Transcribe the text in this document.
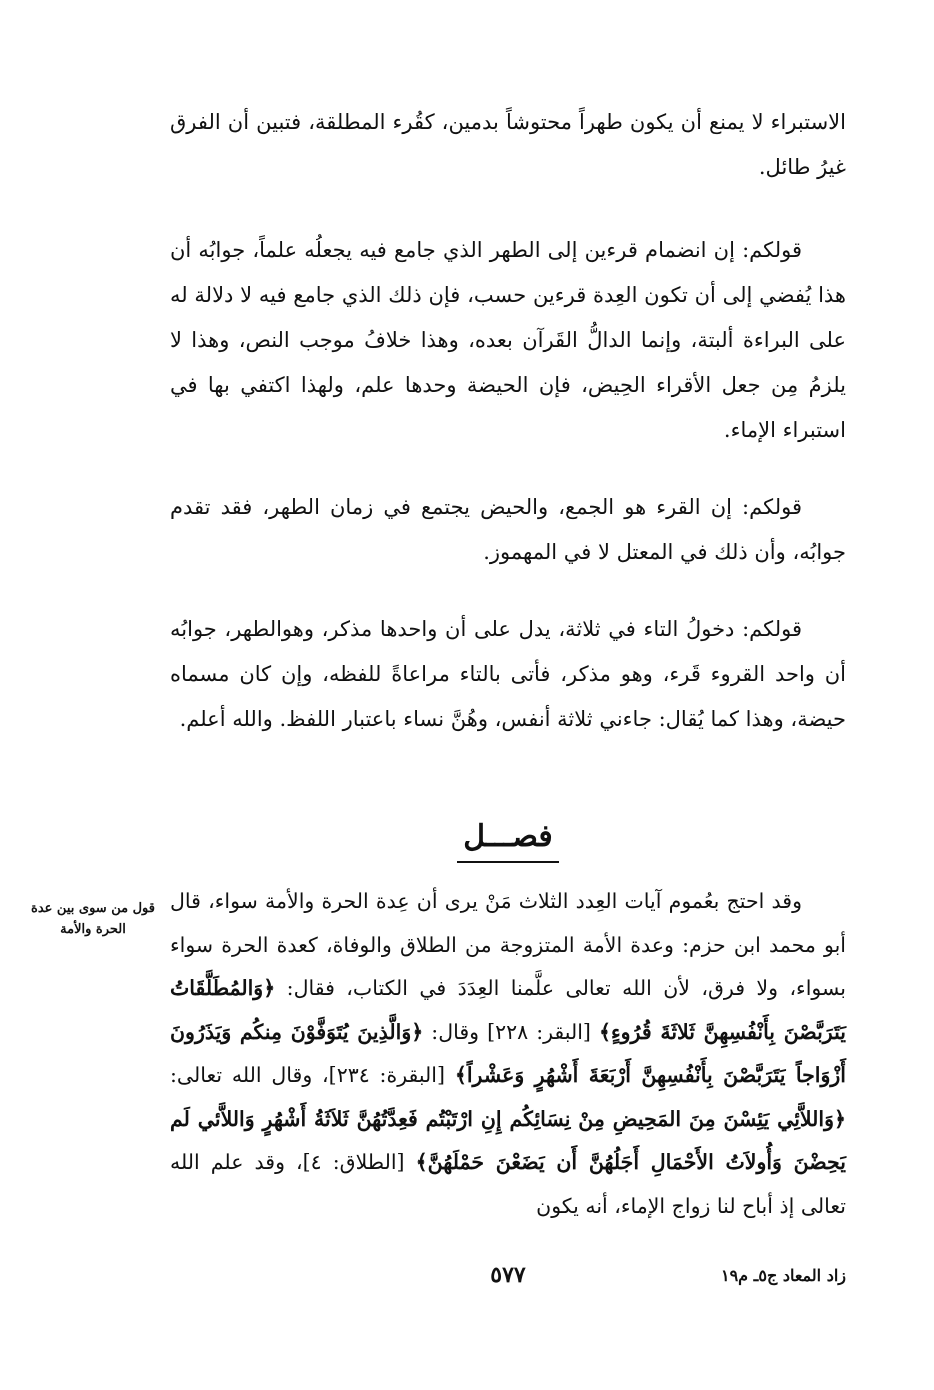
الاستبراء لا يمنع أن يكون طهراً محتوشاً بدمين، كقُرء المطلقة، فتبين أن الفرق غيرُ طائل.

قولكم: إن انضمام قرءين إلى الطهر الذي جامع فيه يجعلُه علماً، جوابُه أن هذا يُفضي إلى أن تكون العِدة قرءين حسب، فإن ذلك الذي جامع فيه لا دلالة له على البراءة ألبتة، وإنما الدالُّ القَرآن بعده، وهذا خلافُ موجب النص، وهذا لا يلزمُ مِن جعل الأقراء الحِيض، فإن الحيضة وحدها علم، ولهذا اكتفي بها في استبراء الإماء.

قولكم: إن القرء هو الجمع، والحيض يجتمع في زمان الطهر، فقد تقدم جوابُه، وأن ذلك في المعتل لا في المهموز.

قولكم: دخولُ التاء في ثلاثة، يدل على أن واحدها مذكر، وهوالطهر، جوابُه أن واحد القروء قَرء، وهو مذكر، فأتى بالتاء مراعاةً للفظه، وإن كان مسماه حيضة، وهذا كما يُقال: جاءني ثلاثة أنفس، وهُنَّ نساء باعتبار اللفظ. والله أعلم.

فصـــل

وقد احتج بعُموم آيات العِدد الثلاث مَنْ يرى أن عِدة الحرة والأمة سواء، قال أبو محمد ابن حزم: وعدة الأمة المتزوجة من الطلاق والوفاة، كعدة الحرة سواء بسواء، ولا فرق، لأن الله تعالى علَّمنا العِدَدَ في الكتاب، فقال: ﴿وَالمُطَلَّقَاتُ يَتَرَبَّصْنَ بِأَنْفُسِهِنَّ ثَلاثَةَ قُرُوءٍ﴾ [البقر: ٢٢٨] وقال: ﴿وَالَّذِينَ يُتَوَفَّوْنَ مِنكُم وَيَذَرُونَ أَزْوَاجاً يَتَرَبَّصْنَ بِأَنْفُسِهِنَّ أَرْبَعَةَ أَشْهُرٍ وَعَشْراً﴾ [البقرة: ٢٣٤]، وقال الله تعالى: ﴿وَاللاَّئِي يَئِسْنَ مِنَ المَحِيضِ مِنْ نِسَائِكُم إِنِ ارْتَبْتُم فَعِدَّتُهُنَّ ثَلاَثَةُ أَشْهُرٍ وَاللاَّئي لَم يَحِضْنَ وَأُولاَتُ الأَحْمَالِ أَجَلُهُنَّ أَن يَضَعْنَ حَمْلَهُنَّ﴾ [الطلاق: ٤]، وقد علم الله تعالى إذ أباح لنا زواج الإماء، أنه يكون

قول من سوى بين عدة الحرة والأمة
٥٧٧	زاد المعاد ج٥ـ م١٩
